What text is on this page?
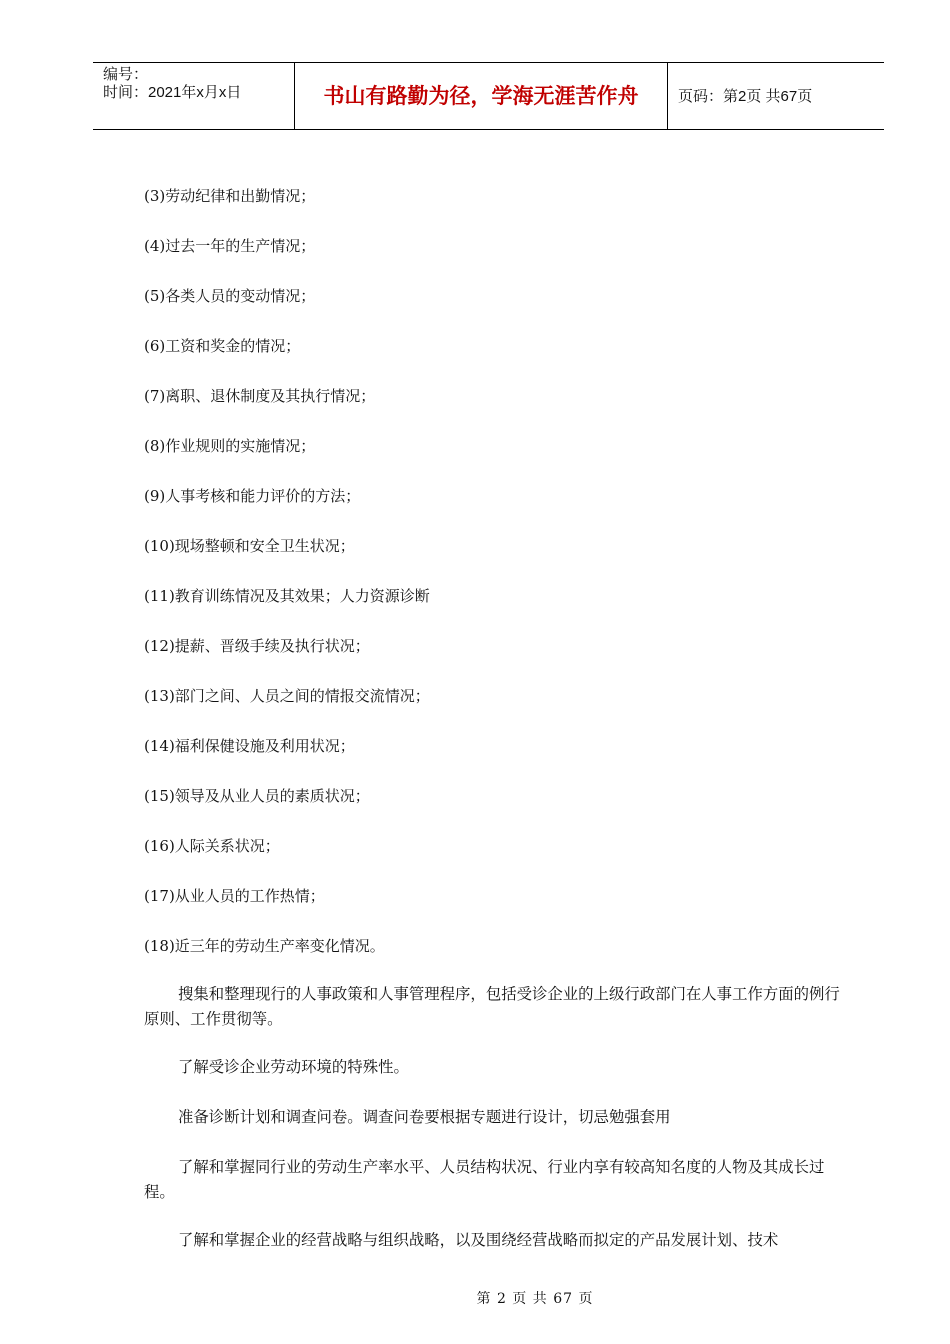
编号：
时间：2021年x月x日	书山有路勤为径，学海无涯苦作舟	页码：第2页 共67页
(3)劳动纪律和出勤情况；
(4)过去一年的生产情况；
(5)各类人员的变动情况；
(6)工资和奖金的情况；
(7)离职、退休制度及其执行情况；
(8)作业规则的实施情况；
(9)人事考核和能力评价的方法；
(10)现场整顿和安全卫生状况；
(11)教育训练情况及其效果；人力资源诊断
(12)提薪、晋级手续及执行状况；
(13)部门之间、人员之间的情报交流情况；
(14)福利保健设施及利用状况；
(15)领导及从业人员的素质状况；
(16)人际关系状况；
(17)从业人员的工作热情；
(18)近三年的劳动生产率变化情况。
搜集和整理现行的人事政策和人事管理程序，包括受诊企业的上级行政部门在人事工作方面的例行原则、工作贯彻等。
了解受诊企业劳动环境的特殊性。
准备诊断计划和调查问卷。调查问卷要根据专题进行设计，切忌勉强套用
了解和掌握同行业的劳动生产率水平、人员结构状况、行业内享有较高知名度的人物及其成长过程。
了解和掌握企业的经营战略与组织战略，以及围绕经营战略而拟定的产品发展计划、技术
第 2 页 共 67 页
